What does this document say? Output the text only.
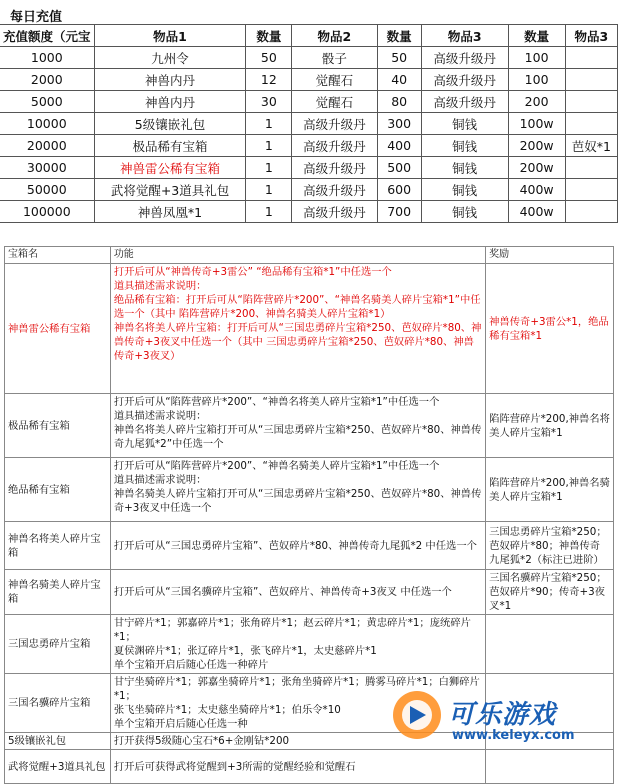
每日充值
充值额度（元宝	物品1	数量	物品2	数量	物品3	数量	物品3
1000	九州令	50	骰子	50	高级升级丹	100	
2000	神兽内丹	12	觉醒石	40	高级升级丹	100	
5000	神兽内丹	30	觉醒石	80	高级升级丹	200	
10000	5级镶嵌礼包	1	高级升级丹	300	铜钱	100w	
20000	极品稀有宝箱	1	高级升级丹	400	铜钱	200w	芭奴*1
30000	神兽雷公稀有宝箱	1	高级升级丹	500	铜钱	200w	
50000	武将觉醒+3道具礼包	1	高级升级丹	600	铜钱	400w	
100000	神兽凤凰*1	1	高级升级丹	700	铜钱	400w	
宝箱名	功能	奖励
神兽雷公稀有宝箱	打开后可从“神兽传奇+3雷公” “绝品稀有宝箱*1”中任选一个
道具描述需求说明：
绝品稀有宝箱：打开后可从“陷阵营碎片*200”、“神兽名骑美人碎片宝箱*1”中任选一个（其中 陷阵营碎片*200、神兽名骑美人碎片宝箱*1）
神兽名将美人碎片宝箱：打开后可从“三国忠勇碎片宝箱*250、芭奴碎片*80、神兽传奇+3夜叉中任选一个（其中 三国忠勇碎片宝箱*250、芭奴碎片*80、神兽传奇+3夜叉）	神兽传奇+3雷公*1，绝品稀有宝箱*1
极品稀有宝箱	打开后可从“陷阵营碎片*200”、“神兽名将美人碎片宝箱*1”中任选一个
道具描述需求说明：
神兽名将美人碎片宝箱打开可从“三国忠勇碎片宝箱*250、芭奴碎片*80、神兽传奇九尾狐*2”中任选一个	陷阵营碎片*200,神兽名将美人碎片宝箱*1
绝品稀有宝箱	打开后可从“陷阵营碎片*200”、“神兽名骑美人碎片宝箱*1”中任选一个
道具描述需求说明：
神兽名骑美人碎片宝箱打开可从“三国忠勇碎片宝箱*250、芭奴碎片*80、神兽传奇+3夜叉中任选一个	陷阵营碎片*200,神兽名骑美人碎片宝箱*1
神兽名将美人碎片宝箱	打开后可从“三国忠勇碎片宝箱”、芭奴碎片*80、神兽传奇九尾狐*2 中任选一个	三国忠勇碎片宝箱*250；芭奴碎片*80；神兽传奇九尾狐*2（标注已进阶）
神兽名骑美人碎片宝箱	打开后可从“三国名骥碎片宝箱”、芭奴碎片、神兽传奇+3夜叉 中任选一个	三国名骥碎片宝箱*250；芭奴碎片*90；传奇+3夜叉*1
三国忠勇碎片宝箱	甘宁碎片*1；郭嘉碎片*1；张角碎片*1；赵云碎片*1；黄忠碎片*1；庞统碎片*1；
夏侯渊碎片*1；张辽碎片*1，张飞碎片*1，太史慈碎片*1
单个宝箱开启后随心任选一种碎片	

三国名骥碎片宝箱	甘宁坐骑碎片*1；郭嘉坐骑碎片*1；张角坐骑碎片*1；腾雾马碎片*1；白狮碎片*1；
张飞坐骑碎片*1；太史慈坐骑碎片*1；伯乐令*10
单个宝箱开启后随心任选一种	

5级镶嵌礼包	打开获得5级随心宝石*6+金刚钻*200	

武将觉醒+3道具礼包	打开后可获得武将觉醒到+3所需的觉醒经验和觉醒石	

可乐游戏
www.keleyx.com
